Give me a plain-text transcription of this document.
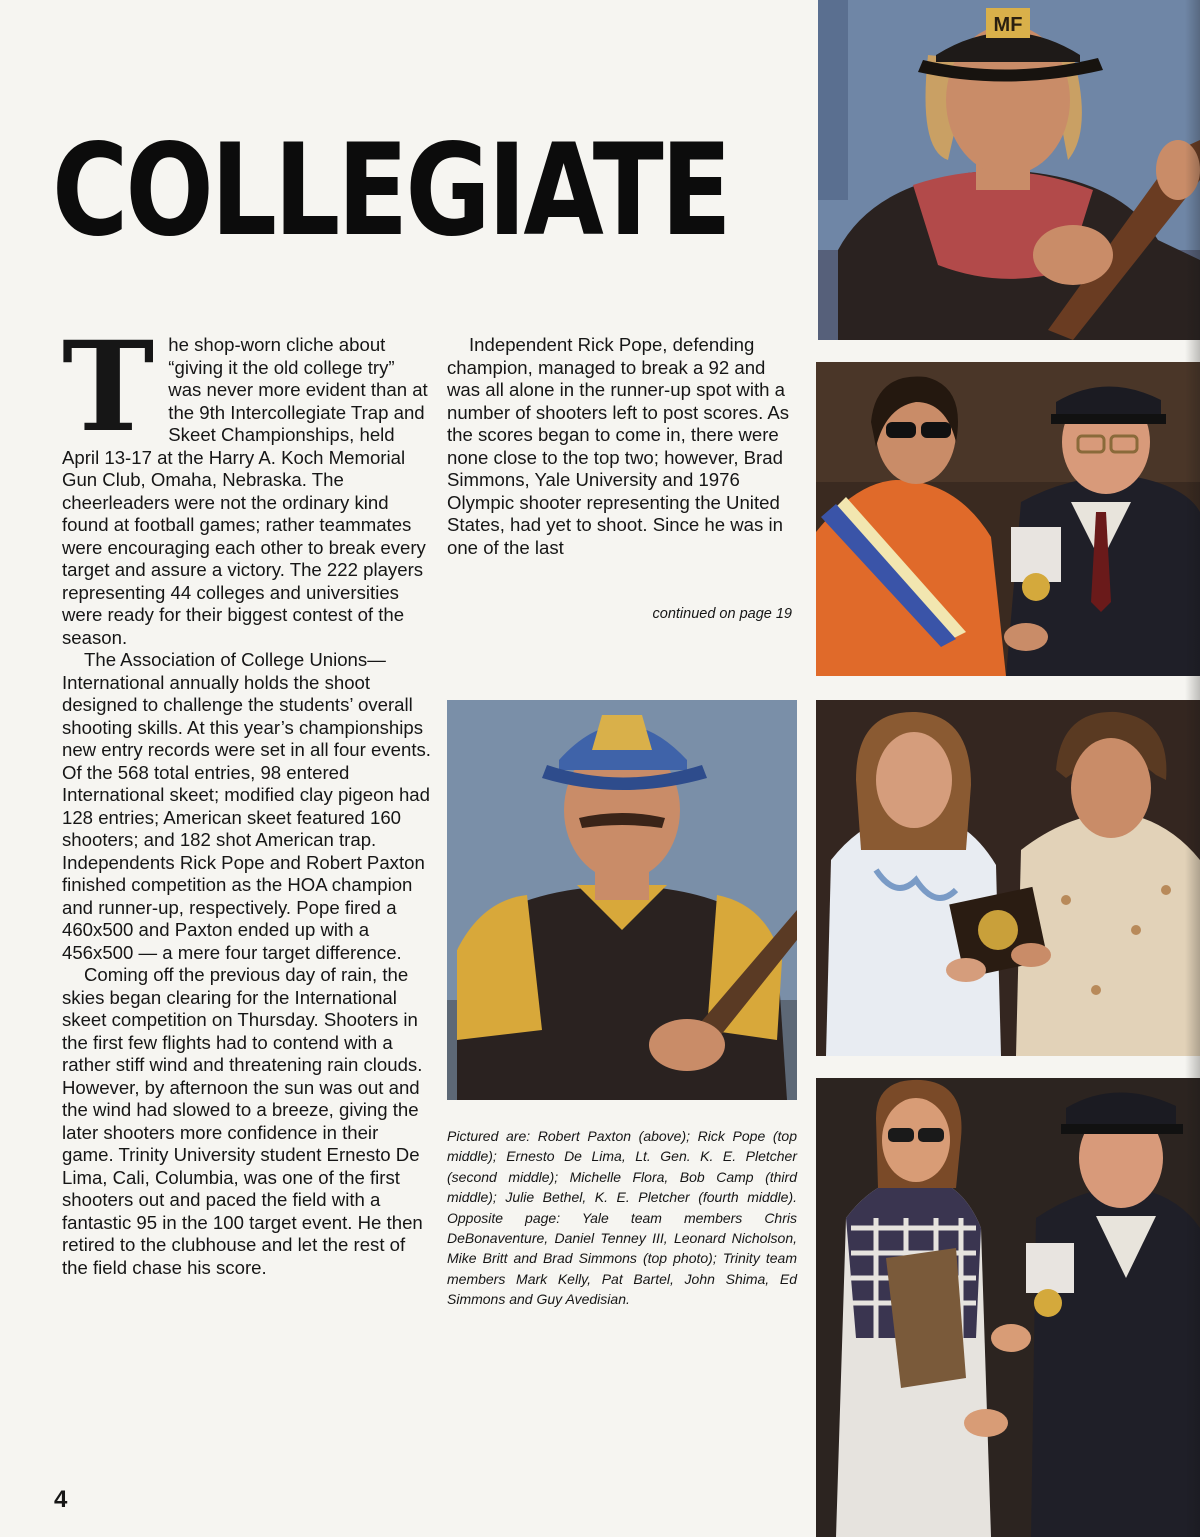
COLLEGIATE

The shop-worn cliche about “giving it the old college try” was never more evident than at the 9th Intercollegiate Trap and Skeet Championships, held April 13-17 at the Harry A. Koch Memorial Gun Club, Omaha, Nebraska. The cheerleaders were not the ordinary kind found at football games; rather teammates were encouraging each other to break every target and assure a victory. The 222 players representing 44 colleges and universities were ready for their biggest contest of the season.

The Association of College Unions—International annually holds the shoot designed to challenge the students’ overall shooting skills. At this year’s championships new entry records were set in all four events. Of the 568 total entries, 98 entered International skeet; modified clay pigeon had 128 entries; American skeet featured 160 shooters; and 182 shot American trap. Independents Rick Pope and Robert Paxton finished competition as the HOA champion and runner-up, respectively. Pope fired a 460x500 and Paxton ended up with a 456x500 — a mere four target difference.

Coming off the previous day of rain, the skies began clearing for the International skeet competition on Thursday. Shooters in the first few flights had to contend with a rather stiff wind and threatening rain clouds. However, by afternoon the sun was out and the wind had slowed to a breeze, giving the later shooters more confidence in their game. Trinity University student Ernesto De Lima, Cali, Columbia, was one of the first shooters out and paced the field with a fantastic 95 in the 100 target event. He then retired to the clubhouse and let the rest of the field chase his score.

Independent Rick Pope, defending champion, managed to break a 92 and was all alone in the runner-up spot with a number of shooters left to post scores. As the scores began to come in, there were none close to the top two; however, Brad Simmons, Yale University and 1976 Olympic shooter representing the United States, had yet to shoot. Since he was in one of the last

continued on page 19
MF
Pictured are: Robert Paxton (above); Rick Pope (top middle); Ernesto De Lima, Lt. Gen. K. E. Pletcher (second middle); Michelle Flora, Bob Camp (third middle); Julie Bethel, K. E. Pletcher (fourth middle). Opposite page: Yale team members Chris DeBonaventure, Daniel Tenney III, Leonard Nicholson, Mike Britt and Brad Simmons (top photo); Trinity team members Mark Kelly, Pat Bartel, John Shima, Ed Simmons and Guy Avedisian.
4
